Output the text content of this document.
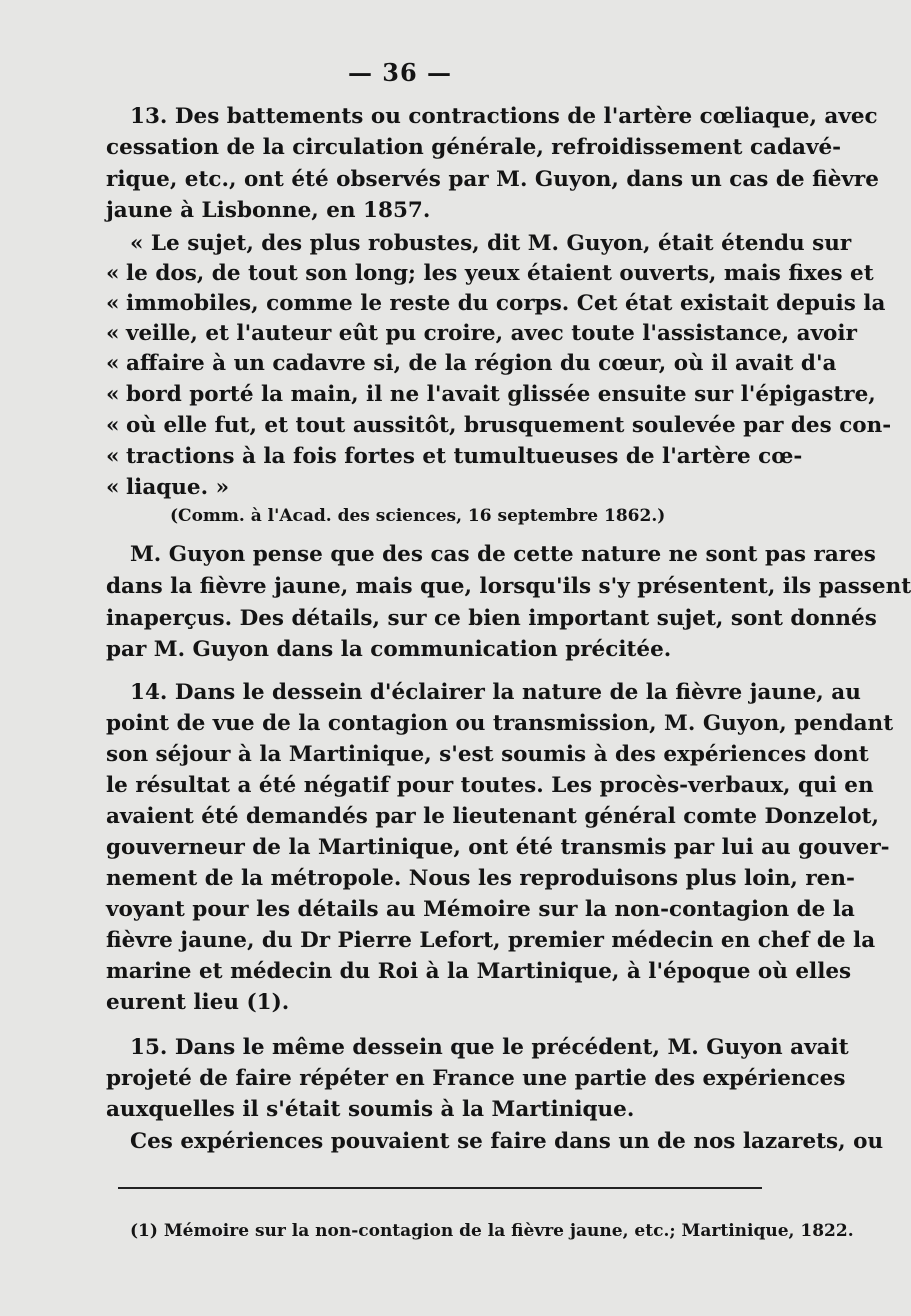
— 36 —
13. Des battements ou contractions de l'artère cœliaque, avec
cessation de la circulation générale, refroidissement cadavé-
rique, etc., ont été observés par M. Guyon, dans un cas de fièvre
jaune à Lisbonne, en 1857.
« Le sujet, des plus robustes, dit M. Guyon, était étendu sur
« le dos, de tout son long; les yeux étaient ouverts, mais fixes et
« immobiles, comme le reste du corps. Cet état existait depuis la
« veille, et l'auteur eût pu croire, avec toute l'assistance, avoir
« affaire à un cadavre si, de la région du cœur, où il avait d'a
« bord porté la main, il ne l'avait glissée ensuite sur l'épigastre,
« où elle fut, et tout aussitôt, brusquement soulevée par des con-
« tractions à la fois fortes et tumultueuses de l'artère cœ-
« liaque. »
M. Guyon pense que des cas de cette nature ne sont pas rares
dans la fièvre jaune, mais que, lorsqu'ils s'y présentent, ils passent
inaperçus. Des détails, sur ce bien important sujet, sont donnés
par M. Guyon dans la communication précitée.
14. Dans le dessein d'éclairer la nature de la fièvre jaune, au
point de vue de la contagion ou transmission, M. Guyon, pendant
son séjour à la Martinique, s'est soumis à des expériences dont
le résultat a été négatif pour toutes. Les procès-verbaux, qui en
avaient été demandés par le lieutenant général comte Donzelot,
gouverneur de la Martinique, ont été transmis par lui au gouver-
nement de la métropole. Nous les reproduisons plus loin, ren-
voyant pour les détails au Mémoire sur la non-contagion de la
fièvre jaune, du Dr Pierre Lefort, premier médecin en chef de la
marine et médecin du Roi à la Martinique, à l'époque où elles
eurent lieu (1).
15. Dans le même dessein que le précédent, M. Guyon avait
projeté de faire répéter en France une partie des expériences
auxquelles il s'était soumis à la Martinique.
Ces expériences pouvaient se faire dans un de nos lazarets, ou
(Comm. à l'Acad. des sciences, 16 septembre 1862.)
(1) Mémoire sur la non-contagion de la fièvre jaune, etc.; Martinique, 1822.
